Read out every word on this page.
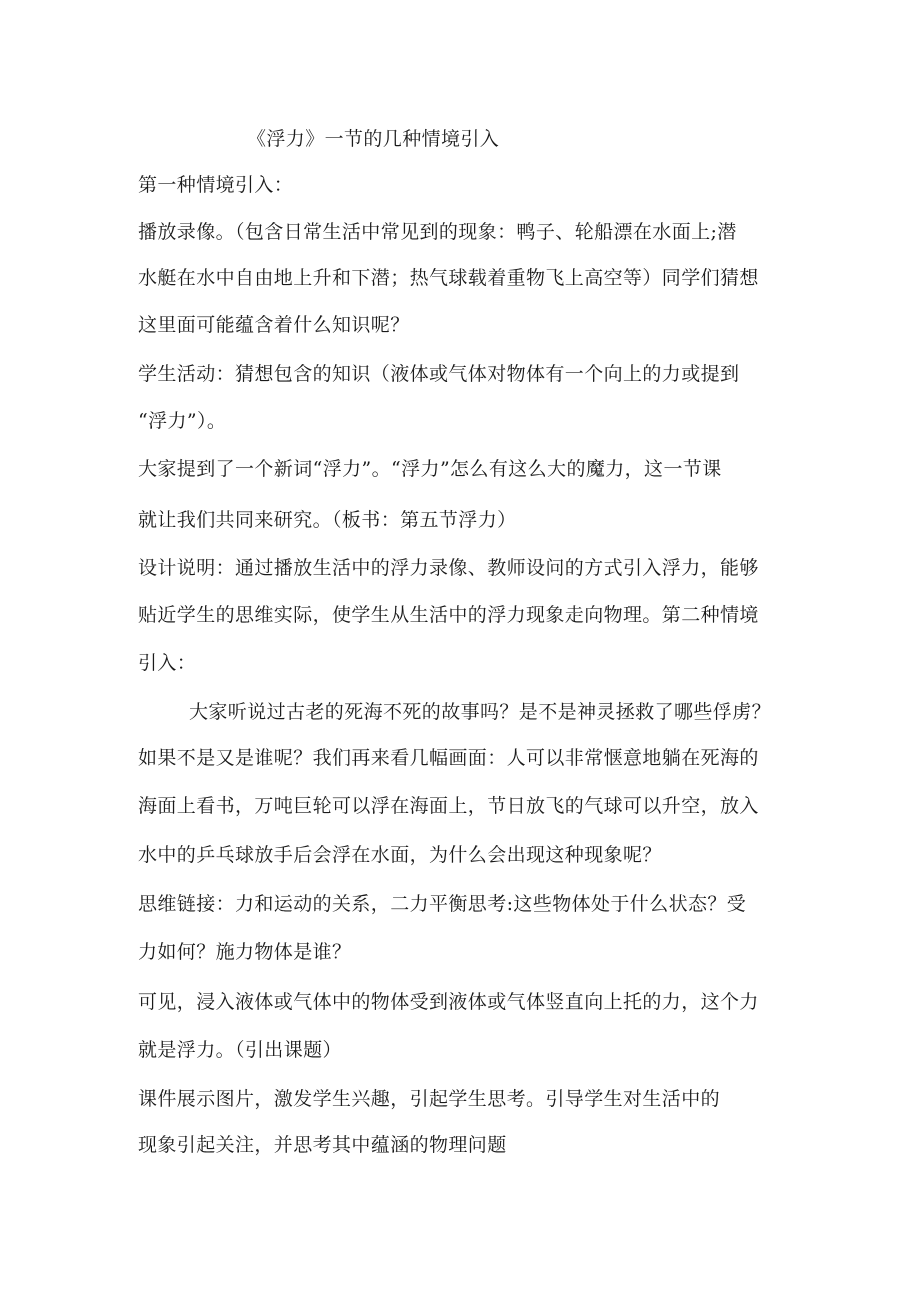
《浮力》一节的几种情境引入
第一种情境引入：
播放录像。（包含日常生活中常见到的现象：鸭子、轮船漂在水面上;潜
水艇在水中自由地上升和下潜；热气球载着重物飞上高空等）同学们猜想
这里面可能蕴含着什么知识呢？
学生活动：猜想包含的知识（液体或气体对物体有一个向上的力或提到
“浮力”）。
大家提到了一个新词“浮力”。“浮力”怎么有这么大的魔力，这一节课
就让我们共同来研究。（板书：第五节浮力）
设计说明：通过播放生活中的浮力录像、教师设问的方式引入浮力，能够
贴近学生的思维实际，使学生从生活中的浮力现象走向物理。第二种情境
引入：
大家听说过古老的死海不死的故事吗？是不是神灵拯救了哪些俘虏？
如果不是又是谁呢？我们再来看几幅画面：人可以非常惬意地躺在死海的
海面上看书，万吨巨轮可以浮在海面上，节日放飞的气球可以升空，放入
水中的乒乓球放手后会浮在水面，为什么会出现这种现象呢？
思维链接：力和运动的关系，二力平衡思考:这些物体处于什么状态？受
力如何？施力物体是谁？
可见，浸入液体或气体中的物体受到液体或气体竖直向上托的力，这个力
就是浮力。（引出课题）
课件展示图片，激发学生兴趣，引起学生思考。引导学生对生活中的
现象引起关注，并思考其中蕴涵的物理问题
